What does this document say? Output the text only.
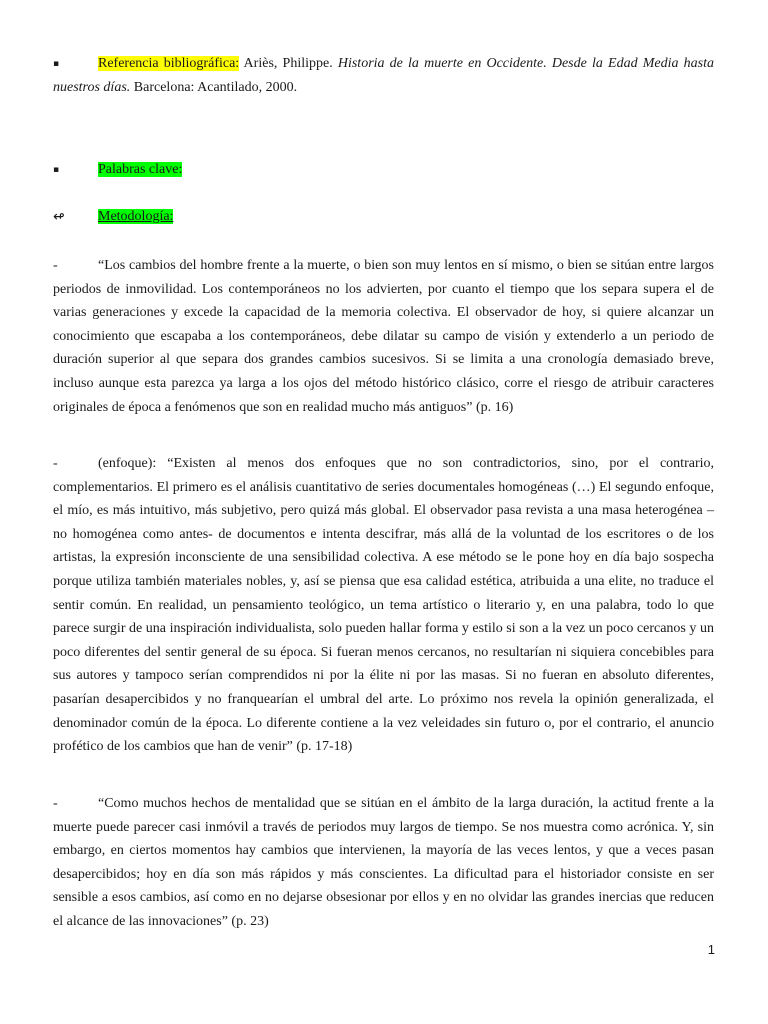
▪	Referencia bibliográfica: Ariès, Philippe. Historia de la muerte en Occidente. Desde la Edad Media hasta nuestros días. Barcelona: Acantilado, 2000.
▪	Palabras clave:
↫	Metodología:
-	“Los cambios del hombre frente a la muerte, o bien son muy lentos en sí mismo, o bien se sitúan entre largos periodos de inmovilidad. Los contemporáneos no los advierten, por cuanto el tiempo que los separa supera el de varias generaciones y excede la capacidad de la memoria colectiva. El observador de hoy, si quiere alcanzar un conocimiento que escapaba a los contemporáneos, debe dilatar su campo de visión y extenderlo a un periodo de duración superior al que separa dos grandes cambios sucesivos. Si se limita a una cronología demasiado breve, incluso aunque esta parezca ya larga a los ojos del método histórico clásico, corre el riesgo de atribuir caracteres originales de época a fenómenos que son en realidad mucho más antiguos” (p. 16)
-	(enfoque): “Existen al menos dos enfoques que no son contradictorios, sino, por el contrario, complementarios. El primero es el análisis cuantitativo de series documentales homogéneas (…) El segundo enfoque, el mío, es más intuitivo, más subjetivo, pero quizá más global. El observador pasa revista a una masa heterogénea –no homogénea como antes- de documentos e intenta descifrar, más allá de la voluntad de los escritores o de los artistas, la expresión inconsciente de una sensibilidad colectiva. A ese método se le pone hoy en día bajo sospecha porque utiliza también materiales nobles, y, así se piensa que esa calidad estética, atribuida a una elite, no traduce el sentir común. En realidad, un pensamiento teológico, un tema artístico o literario y, en una palabra, todo lo que parece surgir de una inspiración individualista, solo pueden hallar forma y estilo si son a la vez un poco cercanos y un poco diferentes del sentir general de su época. Si fueran menos cercanos, no resultarían ni siquiera concebibles para sus autores y tampoco serían comprendidos ni por la élite ni por las masas. Si no fueran en absoluto diferentes, pasarían desapercibidos y no franquearían el umbral del arte. Lo próximo nos revela la opinión generalizada, el denominador común de la época. Lo diferente contiene a la vez veleidades sin futuro o, por el contrario, el anuncio profético de los cambios que han de venir” (p. 17-18)
-	“Como muchos hechos de mentalidad que se sitúan en el ámbito de la larga duración, la actitud frente a la muerte puede parecer casi inmóvil a través de periodos muy largos de tiempo. Se nos muestra como acrónica. Y, sin embargo, en ciertos momentos hay cambios que intervienen, la mayoría de las veces lentos, y que a veces pasan desapercibidos; hoy en día son más rápidos y más conscientes. La dificultad para el historiador consiste en ser sensible a esos cambios, así como en no dejarse obsesionar por ellos y en no olvidar las grandes inercias que reducen el alcance de las innovaciones” (p. 23)
1
